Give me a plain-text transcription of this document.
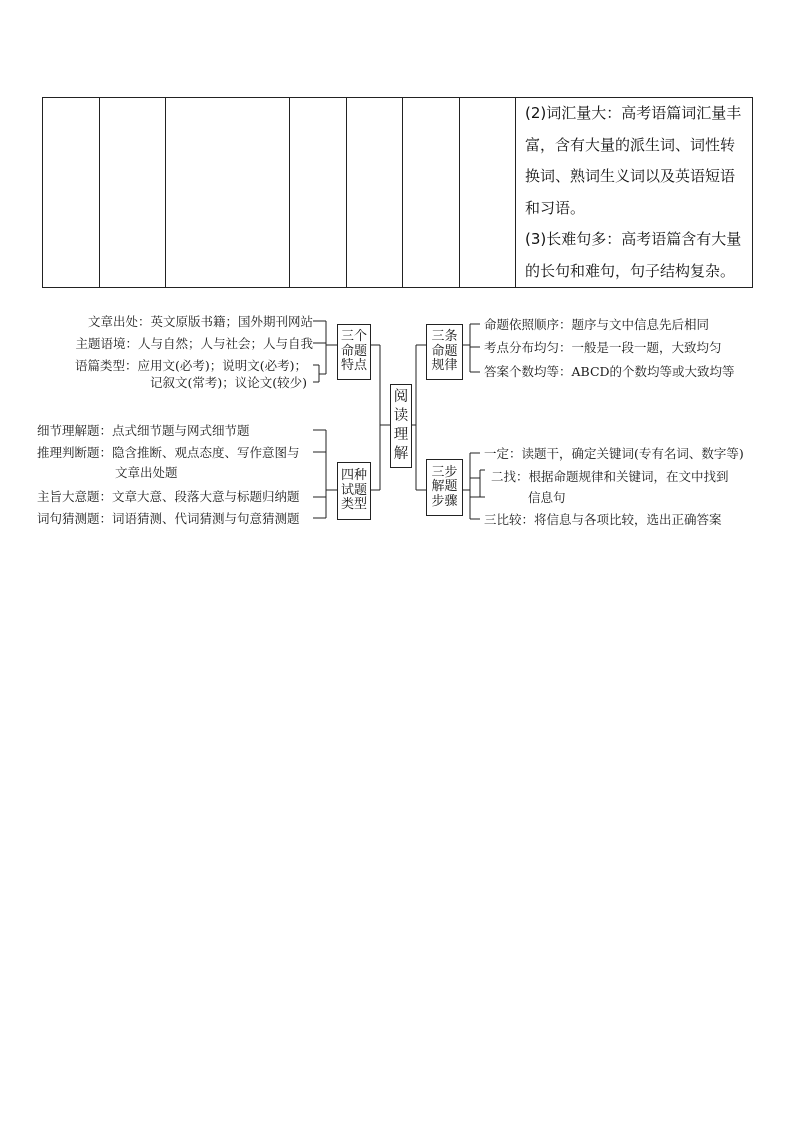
(2)词汇量大：高考语篇词汇量丰富，含有大量的派生词、词性转换词、熟词生义词以及英语短语和习语。

(3)长难句多：高考语篇含有大量的长句和难句，句子结构复杂。

文章出处：英文原版书籍；国外期刊网站
主题语境：人与自然；人与社会；人与自我
语篇类型：应用文(必考)；说明文(必考)；
记叙文(常考)；议论文(较少)
三个
命题
特点
细节理解题：点式细节题与网式细节题
推理判断题：隐含推断、观点态度、写作意图与
文章出处题
主旨大意题：文章大意、段落大意与标题归纳题
词句猜测题：词语猜测、代词猜测与句意猜测题
四种
试题
类型
阅
读
理
解
三条
命题
规律
命题依照顺序：题序与文中信息先后相同
考点分布均匀：一般是一段一题，大致均匀
答案个数均等：ABCD的个数均等或大致均等
三步
解题
步骤
一定：读题干，确定关键词(专有名词、数字等)
二找：根据命题规律和关键词，在文中找到
信息句
三比较：将信息与各项比较，选出正确答案
